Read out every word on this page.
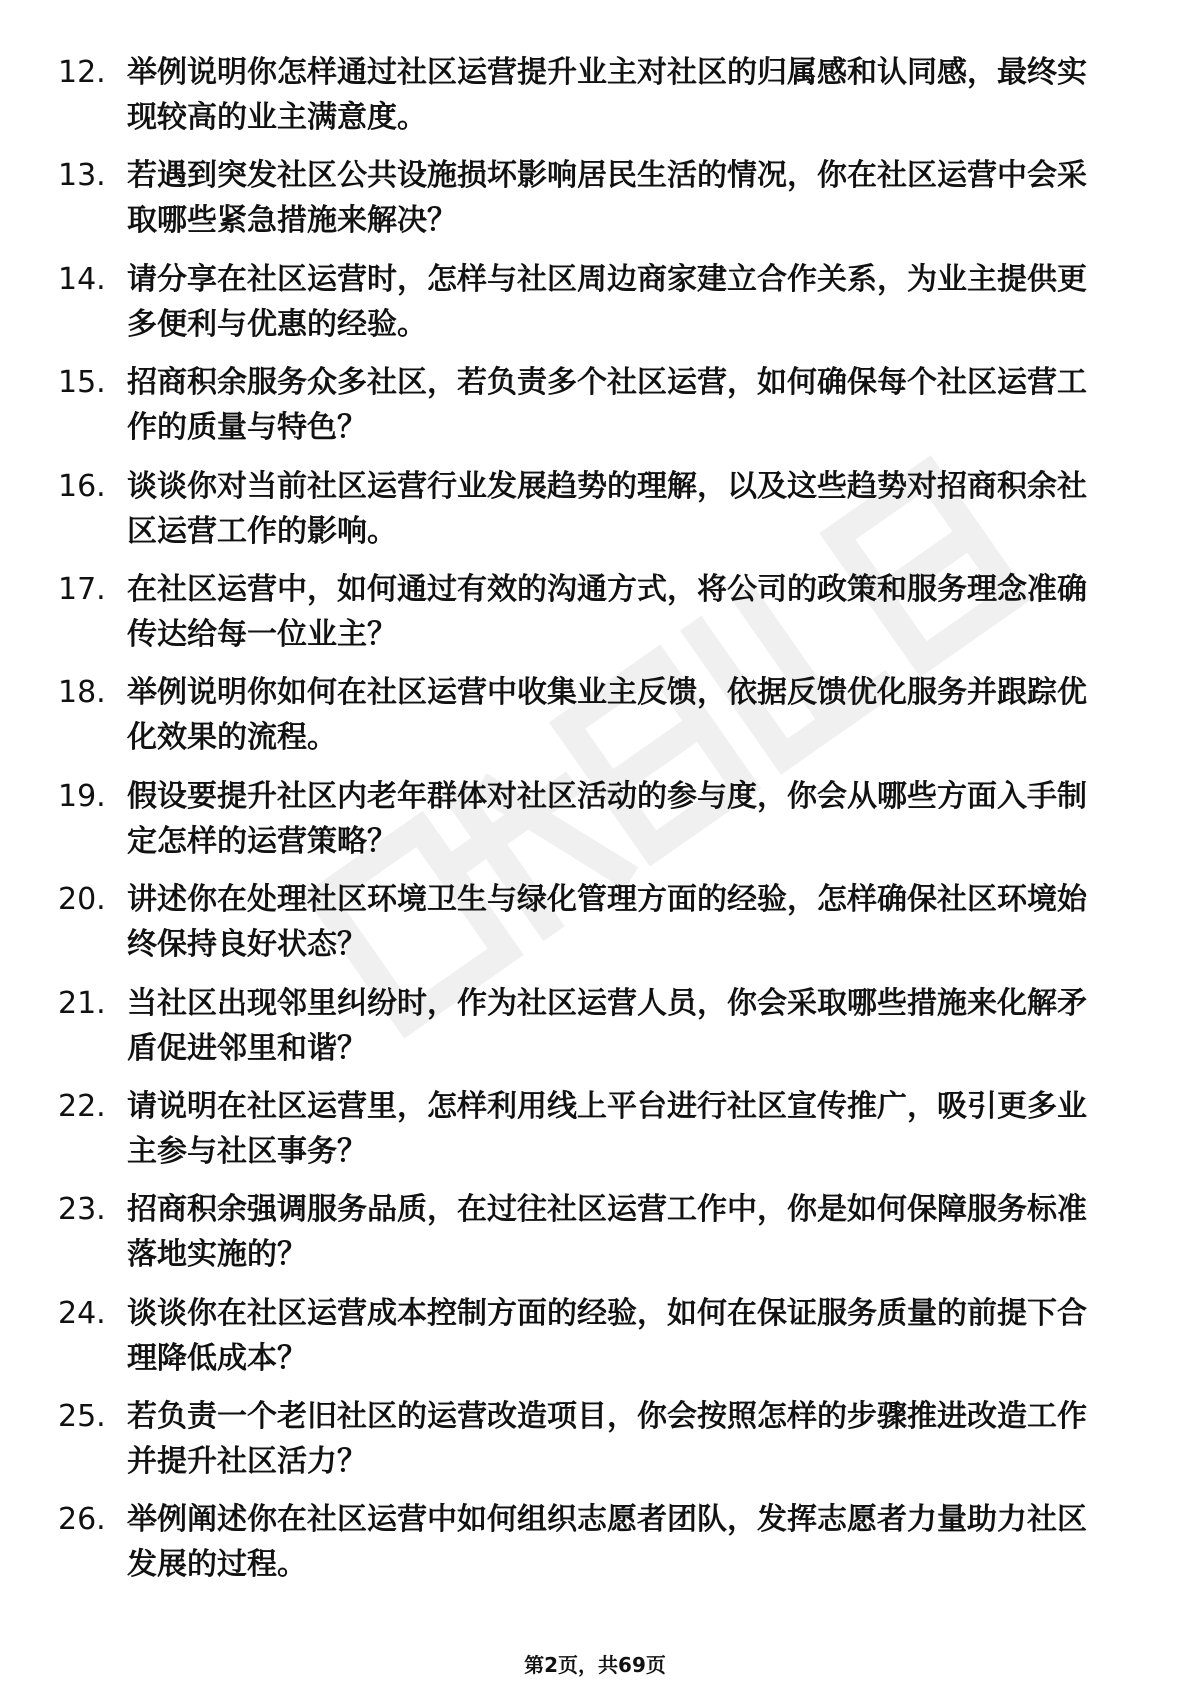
12. 举例说明你怎样通过社区运营提升业主对社区的归属感和认同感，最终实现较高的业主满意度。
13. 若遇到突发社区公共设施损坏影响居民生活的情况，你在社区运营中会采取哪些紧急措施来解决？
14. 请分享在社区运营时，怎样与社区周边商家建立合作关系，为业主提供更多便利与优惠的经验。
15. 招商积余服务众多社区，若负责多个社区运营，如何确保每个社区运营工作的质量与特色？
16. 谈谈你对当前社区运营行业发展趋势的理解，以及这些趋势对招商积余社区运营工作的影响。
17. 在社区运营中，如何通过有效的沟通方式，将公司的政策和服务理念准确传达给每一位业主？
18. 举例说明你如何在社区运营中收集业主反馈，依据反馈优化服务并跟踪优化效果的流程。
19. 假设要提升社区内老年群体对社区活动的参与度，你会从哪些方面入手制定怎样的运营策略？
20. 讲述你在处理社区环境卫生与绿化管理方面的经验，怎样确保社区环境始终保持良好状态？
21. 当社区出现邻里纠纷时，作为社区运营人员，你会采取哪些措施来化解矛盾促进邻里和谐？
22. 请说明在社区运营里，怎样利用线上平台进行社区宣传推广，吸引更多业主参与社区事务？
23. 招商积余强调服务品质，在过往社区运营工作中，你是如何保障服务标准落地实施的？
24. 谈谈你在社区运营成本控制方面的经验，如何在保证服务质量的前提下合理降低成本？
25. 若负责一个老旧社区的运营改造项目，你会按照怎样的步骤推进改造工作并提升社区活力？
26. 举例阐述你在社区运营中如何组织志愿者团队，发挥志愿者力量助力社区发展的过程。
第2页，共69页
